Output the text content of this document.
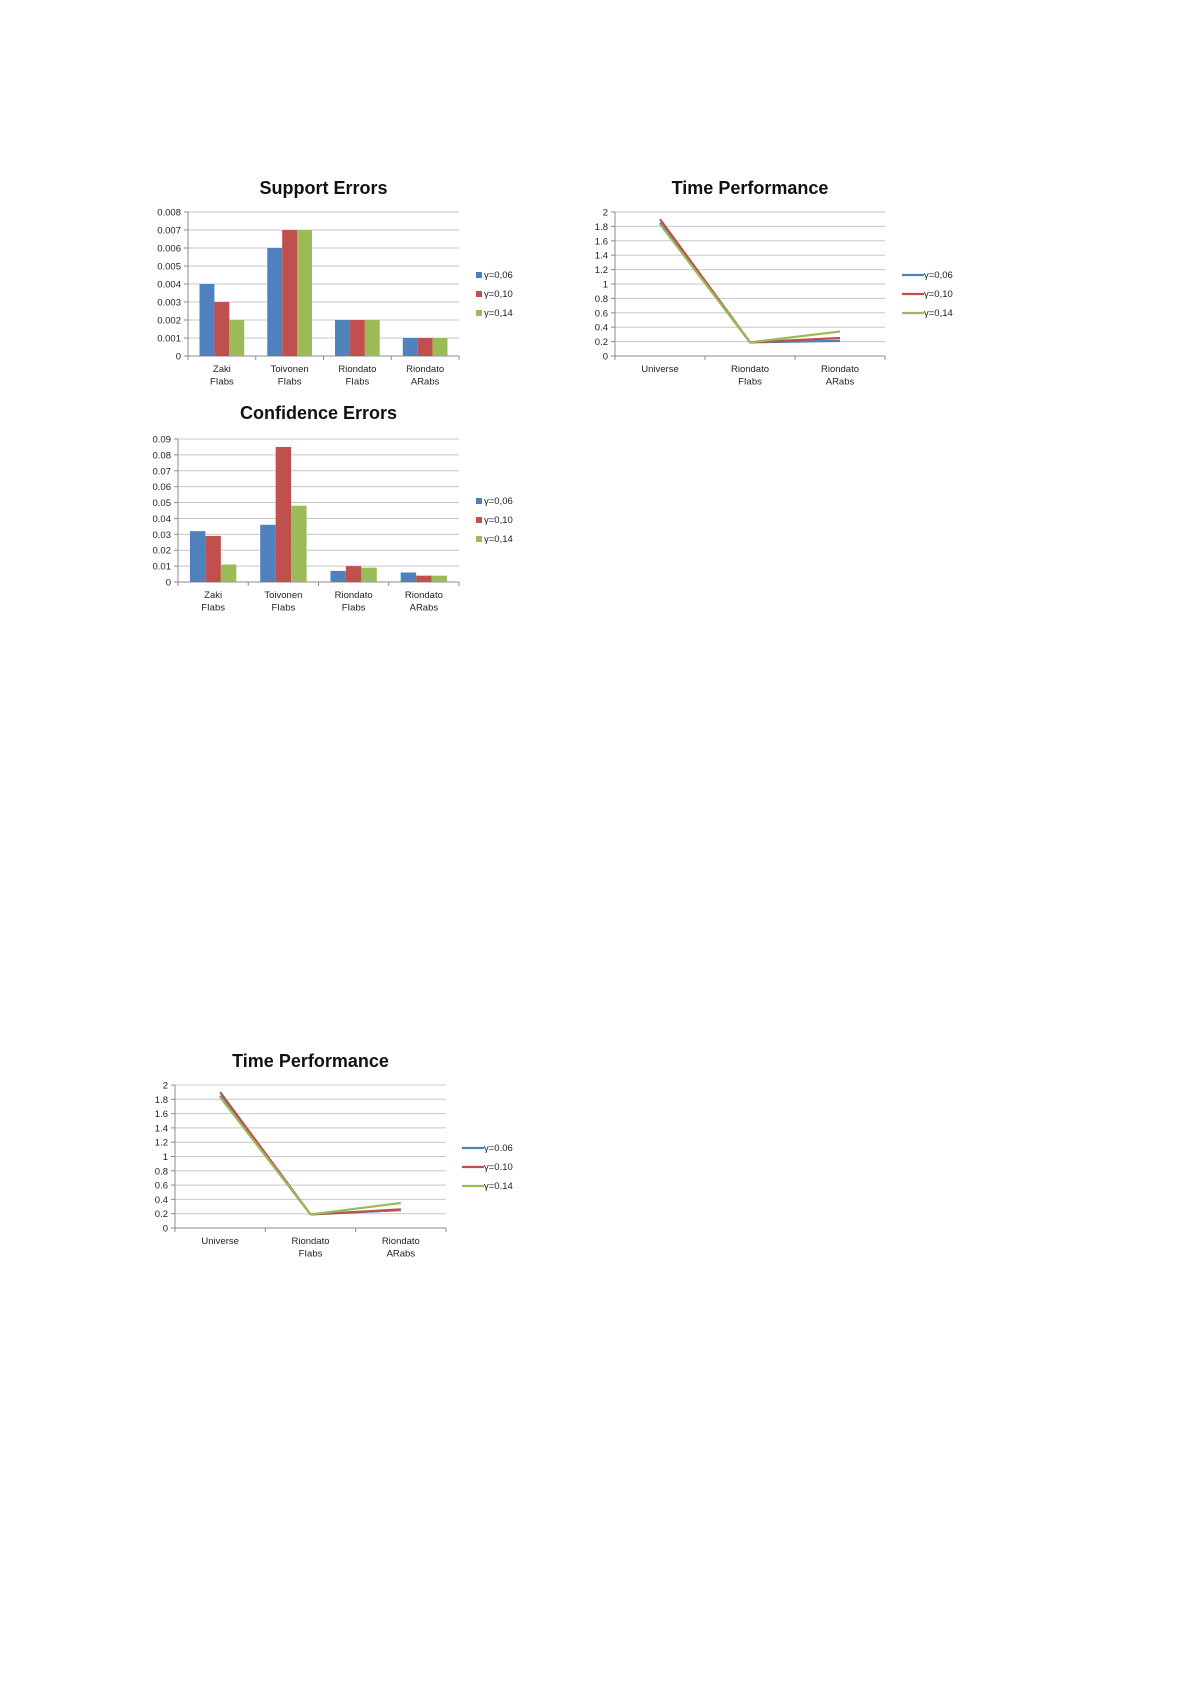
Support Errors
0
0.001
0.002
0.003
0.004
0.005
0.006
0.007
0.008
Zaki FIabs
Toivonen FIabs
Riondato FIabs
Riondato ARabs
γ=0,06
γ=0,10
γ=0,14
Time Performance
0
0.2
0.4
0.6
0.8
1
1.2
1.4
1.6
1.8
2
Universe	Riondato FIabs
Riondato ARabs
γ=0,06
γ=0,10
γ=0,14
Confidence Errors
0
0.01
0.02
0.03
0.04
0.05
0.06
0.07
0.08
0.09
Zaki FIabs
Toivonen FIabs
Riondato FIabs
Riondato ARabs
γ=0,06
γ=0,10
γ=0,14
Time Performance
0
0.2
0.4
0.6
0.8
1
1.2
1.4
1.6
1.8
2
Universe	Riondato FIabs
Riondato ARabs
γ=0.06
γ=0.10
γ=0.14
